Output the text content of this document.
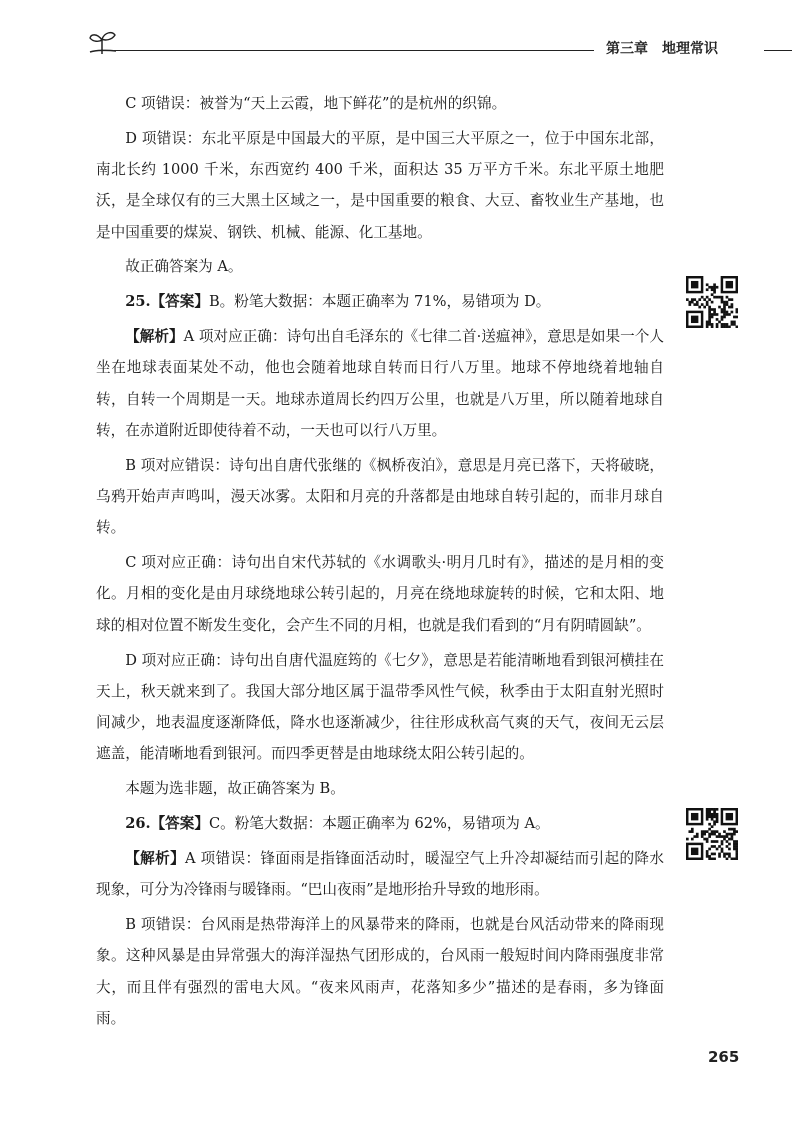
第三章 地理常识

C 项错误：被誉为“天上云霞，地下鲜花”的是杭州的织锦。

D 项错误：东北平原是中国最大的平原，是中国三大平原之一，位于中国东北部，南北长约 1000 千米，东西宽约 400 千米，面积达 35 万平方千米。东北平原土地肥沃，是全球仅有的三大黑土区域之一，是中国重要的粮食、大豆、畜牧业生产基地，也是中国重要的煤炭、钢铁、机械、能源、化工基地。

故正确答案为 A。

25.【答案】B。粉笔大数据：本题正确率为 71%，易错项为 D。

【解析】A 项对应正确：诗句出自毛泽东的《七律二首·送瘟神》，意思是如果一个人坐在地球表面某处不动，他也会随着地球自转而日行八万里。地球不停地绕着地轴自转，自转一个周期是一天。地球赤道周长约四万公里，也就是八万里，所以随着地球自转，在赤道附近即使待着不动，一天也可以行八万里。

B 项对应错误：诗句出自唐代张继的《枫桥夜泊》，意思是月亮已落下，天将破晓，乌鸦开始声声鸣叫，漫天冰雾。太阳和月亮的升落都是由地球自转引起的，而非月球自转。

C 项对应正确：诗句出自宋代苏轼的《水调歌头·明月几时有》，描述的是月相的变化。月相的变化是由月球绕地球公转引起的，月亮在绕地球旋转的时候，它和太阳、地球的相对位置不断发生变化，会产生不同的月相，也就是我们看到的“月有阴晴圆缺”。

D 项对应正确：诗句出自唐代温庭筠的《七夕》，意思是若能清晰地看到银河横挂在天上，秋天就来到了。我国大部分地区属于温带季风性气候，秋季由于太阳直射光照时间减少，地表温度逐渐降低，降水也逐渐减少，往往形成秋高气爽的天气，夜间无云层遮盖，能清晰地看到银河。而四季更替是由地球绕太阳公转引起的。

本题为选非题，故正确答案为 B。

26.【答案】C。粉笔大数据：本题正确率为 62%，易错项为 A。

【解析】A 项错误：锋面雨是指锋面活动时，暖湿空气上升冷却凝结而引起的降水现象，可分为冷锋雨与暖锋雨。“巴山夜雨”是地形抬升导致的地形雨。

B 项错误：台风雨是热带海洋上的风暴带来的降雨，也就是台风活动带来的降雨现象。这种风暴是由异常强大的海洋湿热气团形成的，台风雨一般短时间内降雨强度非常大，而且伴有强烈的雷电大风。“夜来风雨声，花落知多少”描述的是春雨，多为锋面雨。

265
